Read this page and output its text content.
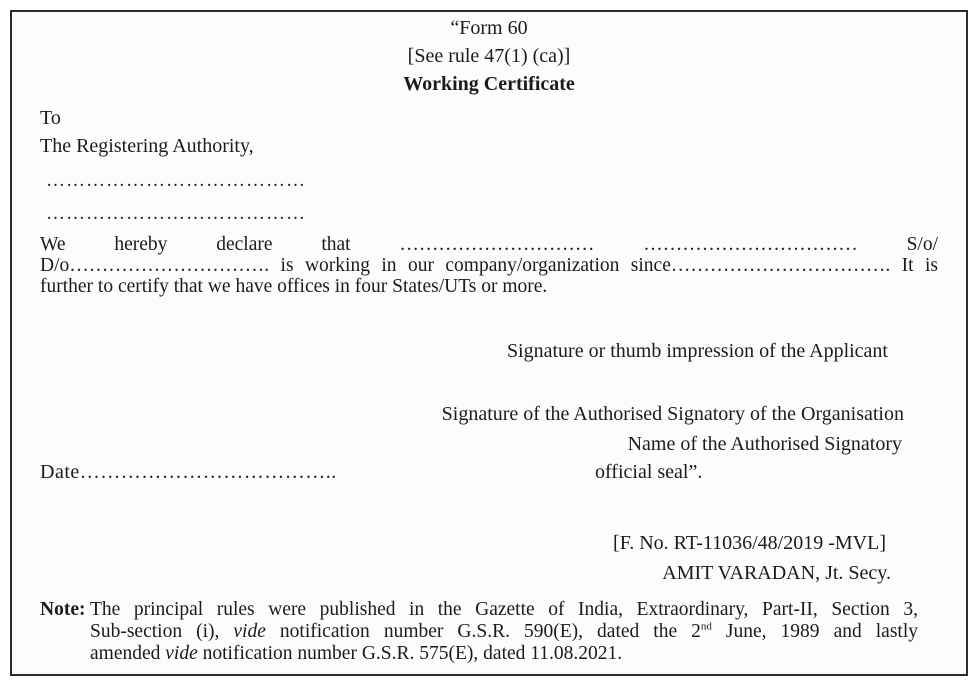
“Form 60
[See rule 47(1) (ca)]
Working Certificate
To
The Registering Authority,
…………………………………
…………………………………
We	hereby	declare	that	…………………………	……………………………	S/o/
D/o…………………………. is working in our company/organization since……………………………. It is
further to certify that we have offices in four States/UTs or more.
Signature or thumb impression of the Applicant
Signature of the Authorised Signatory of the Organisation
Name of the Authorised Signatory
Date………………………………..	official seal”.
[F. No. RT-11036/48/2019 -MVL]
AMIT VARADAN, Jt. Secy.
Note: The principal rules were published in the Gazette of India, Extraordinary, Part-II, Section 3,
Sub-section (i), vide notification number G.S.R. 590(E), dated the 2nd June, 1989 and lastly
amended vide notification number G.S.R. 575(E), dated 11.08.2021.
